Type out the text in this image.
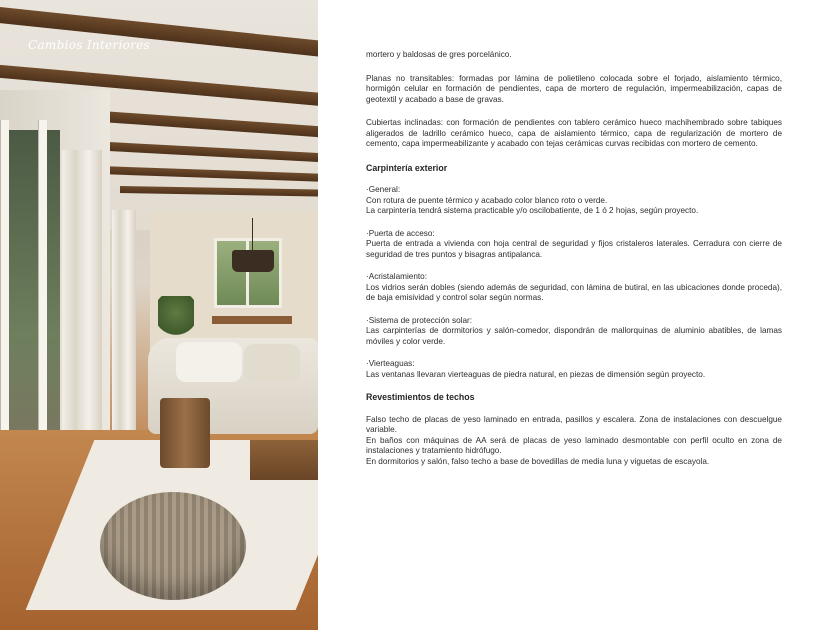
Cambios Interiores

mortero y baldosas de gres porcelánico.

Planas no transitables: formadas por lámina de polietileno colocada sobre el forjado, aislamiento térmico, hormigón celular en formación de pendientes, capa de mortero de regulación, impermeabilización, capas de geotextil y acabado a base de gravas.

Cubiertas inclinadas: con formación de pendientes con tablero cerámico hueco machihembrado sobre tabiques aligerados de ladrillo cerámico hueco, capa de aislamiento térmico, capa de regularización de mortero de cemento, capa impermeabilizante y acabado con tejas cerámicas curvas recibidas con mortero de cemento.

Carpintería exterior
·General:
Con rotura de puente térmico y acabado color blanco roto o verde.
La carpintería tendrá sistema practicable y/o oscilobatiente, de 1 ó 2 hojas, según proyecto.
·Puerta de acceso:
Puerta de entrada a vivienda con hoja central de seguridad y fijos cristaleros laterales. Cerradura con cierre de seguridad de tres puntos y bisagras antipalanca.
·Acristalamiento:
Los vidrios serán dobles (siendo además de seguridad, con lámina de butiral, en las ubicaciones donde proceda), de baja emisividad y control solar según normas.
·Sistema de protección solar:
Las carpinterías de dormitorios y salón-comedor, dispondrán de mallorquinas de aluminio abatibles, de lamas móviles y color verde.
·Vierteaguas:
Las ventanas llevaran vierteaguas de piedra natural, en piezas de dimensión según proyecto.
Revestimientos de techos
Falso techo de placas de yeso laminado en entrada, pasillos y escalera. Zona de instalaciones con descuelgue variable.
En baños con máquinas de AA será de placas de yeso laminado desmontable con perfil oculto en zona de instalaciones y tratamiento hidrófugo.
En dormitorios y salón, falso techo a base de bovedillas de media luna y viguetas de escayola.
